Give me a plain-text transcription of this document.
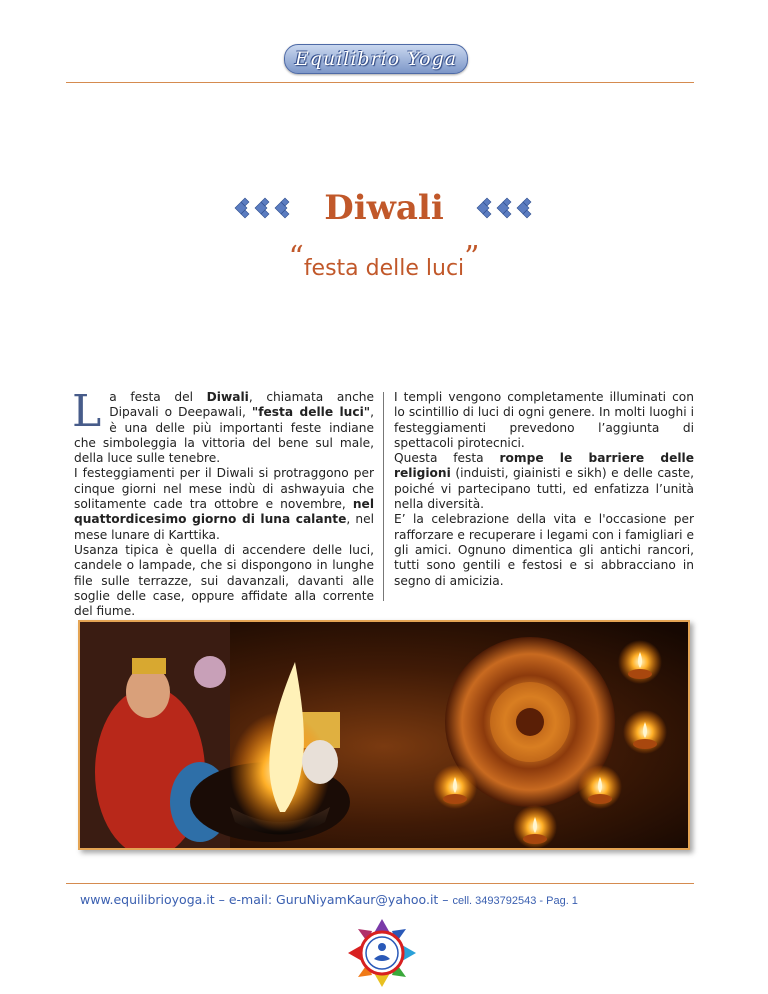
Equilibrio Yoga
Diwali
“festa delle luci”

La festa del Diwali, chiamata anche Dipavali o Deepawali, "festa delle luci", è una delle più importanti feste indiane che simboleggia la vittoria del bene sul male, della luce sulle tenebre.

I festeggiamenti per il Diwali si protraggono per cinque giorni nel mese indù di ashwayuia che solitamente cade tra ottobre e novembre, nel quattordicesimo giorno di luna calante, nel mese lunare di Karttika.

Usanza tipica è quella di accendere delle luci, candele o lampade, che si dispongono in lunghe file sulle terrazze, sui davanzali, davanti alle soglie delle case, oppure affidate alla corrente del fiume.

I templi vengono completamente illuminati con lo scintillio di luci di ogni genere. In molti luoghi i festeggiamenti prevedono l’aggiunta di spettacoli pirotecnici.

Questa festa rompe le barriere delle religioni (induisti, giainisti e sikh) e delle caste, poiché vi partecipano tutti, ed enfatizza l’unità nella diversità.

E’ la celebrazione della vita e l'occasione per rafforzare e recuperare i legami con i famigliari e gli amici. Ognuno dimentica gli antichi rancori, tutti sono gentili e festosi e si abbracciano in segno di amicizia.

www.equilibrioyoga.it – e-mail: GuruNiyamKaur@yahoo.it – cell. 3493792543 - Pag. 1
